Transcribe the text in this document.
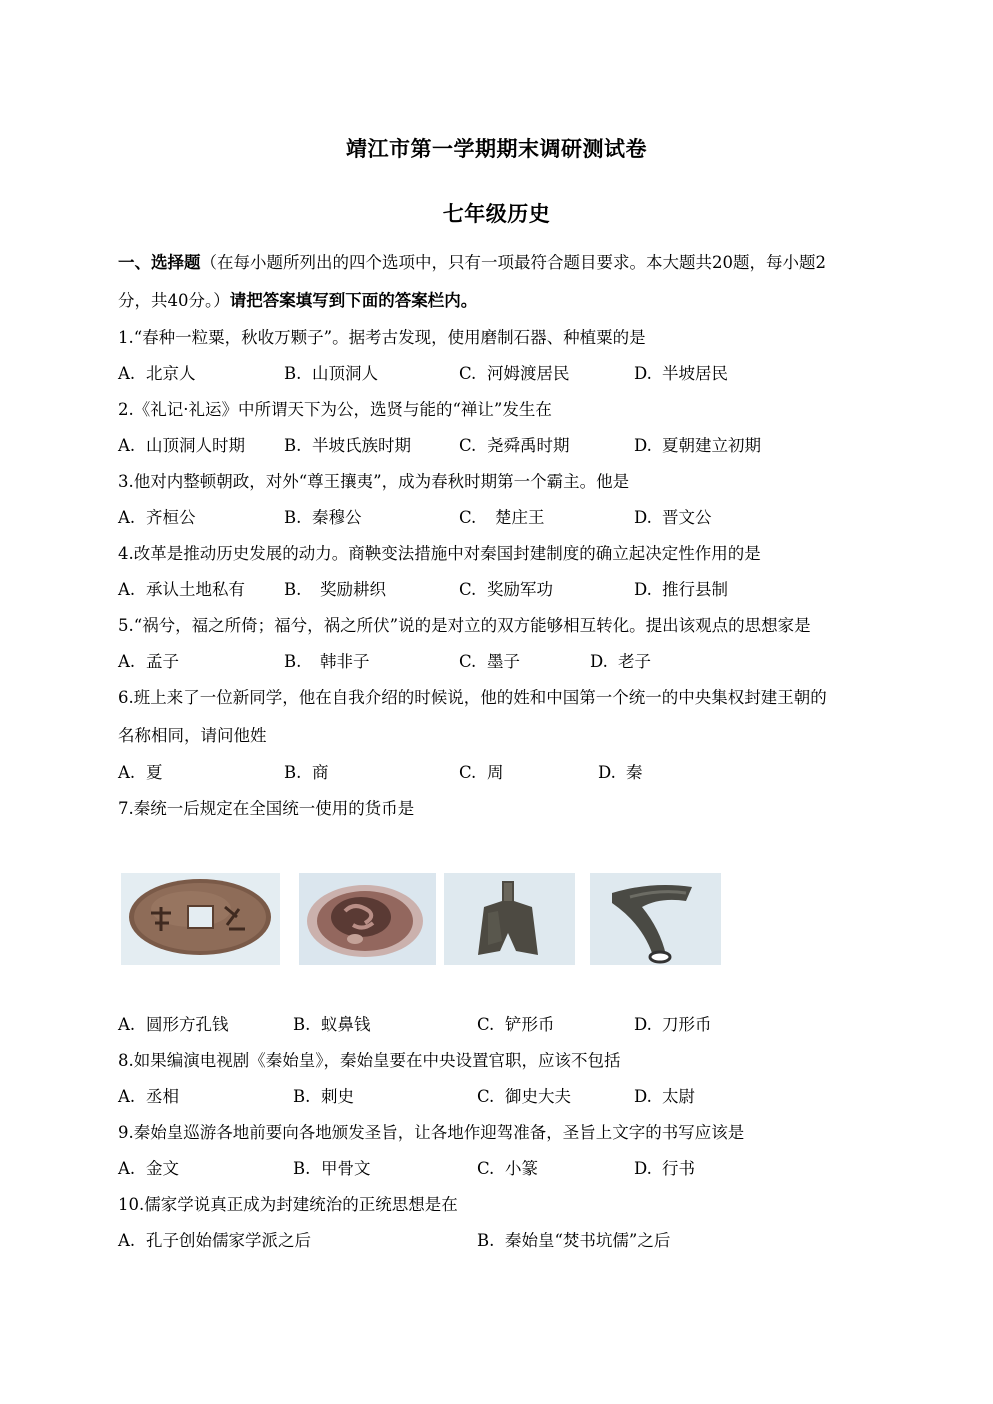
靖江市第一学期期末调研测试卷
七年级历史
一、选择题（在每小题所列出的四个选项中，只有一项最符合题目要求。本大题共20题，每小题2
分，共40分。）请把答案填写到下面的答案栏内。
1.“春种一粒粟，秋收万颗子”。据考古发现，使用磨制石器、种植粟的是
A. 北京人	B. 山顶洞人	C. 河姆渡居民	D. 半坡居民
2.《礼记·礼运》中所谓天下为公，选贤与能的“禅让”发生在
A. 山顶洞人时期 B. 半坡氏族时期	C. 尧舜禹时期	D. 夏朝建立初期
3.他对内整顿朝政，对外“尊王攘夷”，成为春秋时期第一个霸主。他是
A. 齐桓公	B. 秦穆公	C. 楚庄王	D. 晋文公
4.改革是推动历史发展的动力。商鞅变法措施中对秦国封建制度的确立起决定性作用的是
A. 承认土地私有 B. 奖励耕织	C. 奖励军功	D. 推行县制
5.“祸兮，福之所倚；福兮，祸之所伏”说的是对立的双方能够相互转化。提出该观点的思想家是
A. 孟子	B. 韩非子	C. 墨子	D. 老子
6.班上来了一位新同学，他在自我介绍的时候说，他的姓和中国第一个统一的中央集权封建王朝的
名称相同，请问他姓
A. 夏	B. 商	C. 周	D. 秦
7.秦统一后规定在全国统一使用的货币是
A. 圆形方孔钱	B. 蚁鼻钱	C. 铲形币	D. 刀形币
8.如果编演电视剧《秦始皇》，秦始皇要在中央设置官职，应该不包括
A. 丞相	B. 刺史	C. 御史大夫	D. 太尉
9.秦始皇巡游各地前要向各地颁发圣旨，让各地作迎驾准备，圣旨上文字的书写应该是
A. 金文	B. 甲骨文	C. 小篆	D. 行书
10.儒家学说真正成为封建统治的正统思想是在
A. 孔子创始儒家学派之后	B. 秦始皇“焚书坑儒”之后
